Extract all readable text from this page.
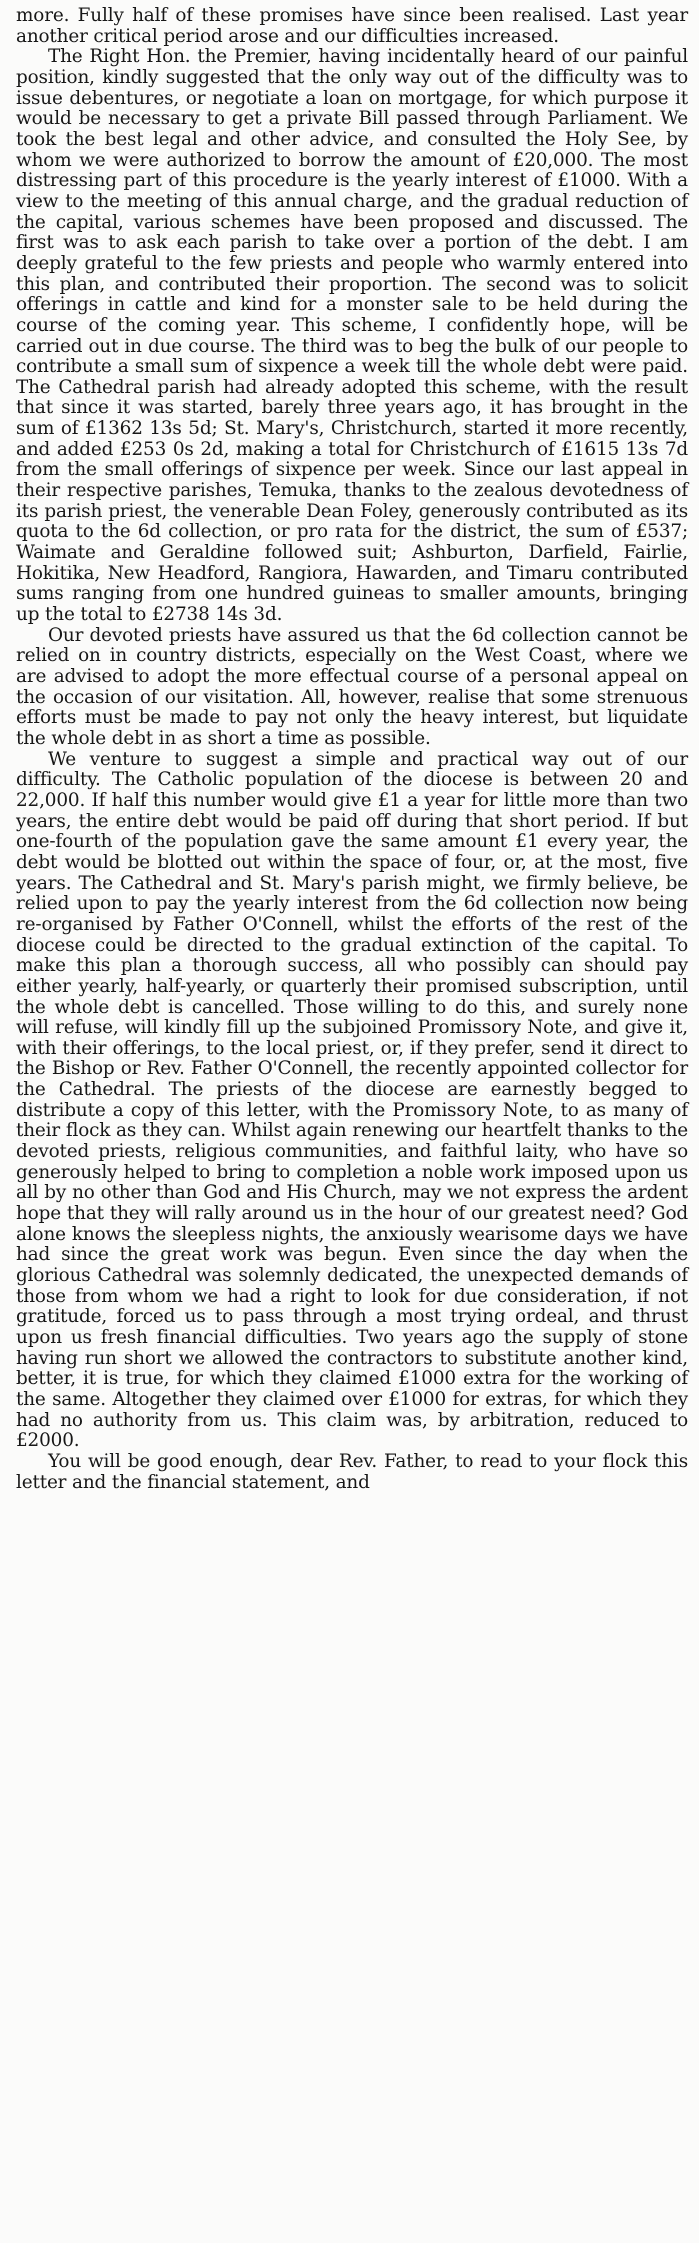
more. Fully half of these promises have since been realised. Last year another critical period arose and our difficulties increased.

The Right Hon. the Premier, having incidentally heard of our painful position, kindly suggested that the only way out of the difficulty was to issue debentures, or negotiate a loan on mortgage, for which purpose it would be necessary to get a private Bill passed through Parliament. We took the best legal and other advice, and consulted the Holy See, by whom we were authorized to borrow the amount of £20,000. The most distressing part of this procedure is the yearly interest of £1000. With a view to the meeting of this annual charge, and the gradual reduction of the capital, various schemes have been proposed and discussed. The first was to ask each parish to take over a portion of the debt. I am deeply grateful to the few priests and people who warmly entered into this plan, and contributed their proportion. The second was to solicit offerings in cattle and kind for a monster sale to be held during the course of the coming year. This scheme, I confidently hope, will be carried out in due course. The third was to beg the bulk of our people to contribute a small sum of sixpence a week till the whole debt were paid. The Cathedral parish had already adopted this scheme, with the result that since it was started, barely three years ago, it has brought in the sum of £1362 13s 5d; St. Mary's, Christchurch, started it more recently, and added £253 0s 2d, making a total for Christchurch of £1615 13s 7d from the small offerings of sixpence per week. Since our last appeal in their respective parishes, Temuka, thanks to the zealous devotedness of its parish priest, the venerable Dean Foley, generously contributed as its quota to the 6d collection, or pro rata for the district, the sum of £537; Waimate and Geraldine followed suit; Ashburton, Darfield, Fairlie, Hokitika, New Headford, Rangiora, Hawarden, and Timaru contributed sums ranging from one hundred guineas to smaller amounts, bringing up the total to £2738 14s 3d.

Our devoted priests have assured us that the 6d collection cannot be relied on in country districts, especially on the West Coast, where we are advised to adopt the more effectual course of a personal appeal on the occasion of our visitation. All, however, realise that some strenuous efforts must be made to pay not only the heavy interest, but liquidate the whole debt in as short a time as possible.

We venture to suggest a simple and practical way out of our difficulty. The Catholic population of the diocese is between 20 and 22,000. If half this number would give £1 a year for little more than two years, the entire debt would be paid off during that short period. If but one-fourth of the population gave the same amount £1 every year, the debt would be blotted out within the space of four, or, at the most, five years. The Cathedral and St. Mary's parish might, we firmly believe, be relied upon to pay the yearly interest from the 6d collection now being re-organised by Father O'Connell, whilst the efforts of the rest of the diocese could be directed to the gradual extinction of the capital. To make this plan a thorough success, all who possibly can should pay either yearly, half-yearly, or quarterly their promised subscription, until the whole debt is cancelled. Those willing to do this, and surely none will refuse, will kindly fill up the subjoined Promissory Note, and give it, with their offerings, to the local priest, or, if they prefer, send it direct to the Bishop or Rev. Father O'Connell, the recently appointed collector for the Cathedral. The priests of the diocese are earnestly begged to distribute a copy of this letter, with the Promissory Note, to as many of their flock as they can. Whilst again renewing our heartfelt thanks to the devoted priests, religious communities, and faithful laity, who have so generously helped to bring to completion a noble work imposed upon us all by no other than God and His Church, may we not express the ardent hope that they will rally around us in the hour of our greatest need? God alone knows the sleepless nights, the anxiously wearisome days we have had since the great work was begun. Even since the day when the glorious Cathedral was solemnly dedicated, the unexpected demands of those from whom we had a right to look for due consideration, if not gratitude, forced us to pass through a most trying ordeal, and thrust upon us fresh financial difficulties. Two years ago the supply of stone having run short we allowed the contractors to substitute another kind, better, it is true, for which they claimed £1000 extra for the working of the same. Altogether they claimed over £1000 for extras, for which they had no authority from us. This claim was, by arbitration, reduced to £2000.

You will be good enough, dear Rev. Father, to read to your flock this letter and the financial statement, and
